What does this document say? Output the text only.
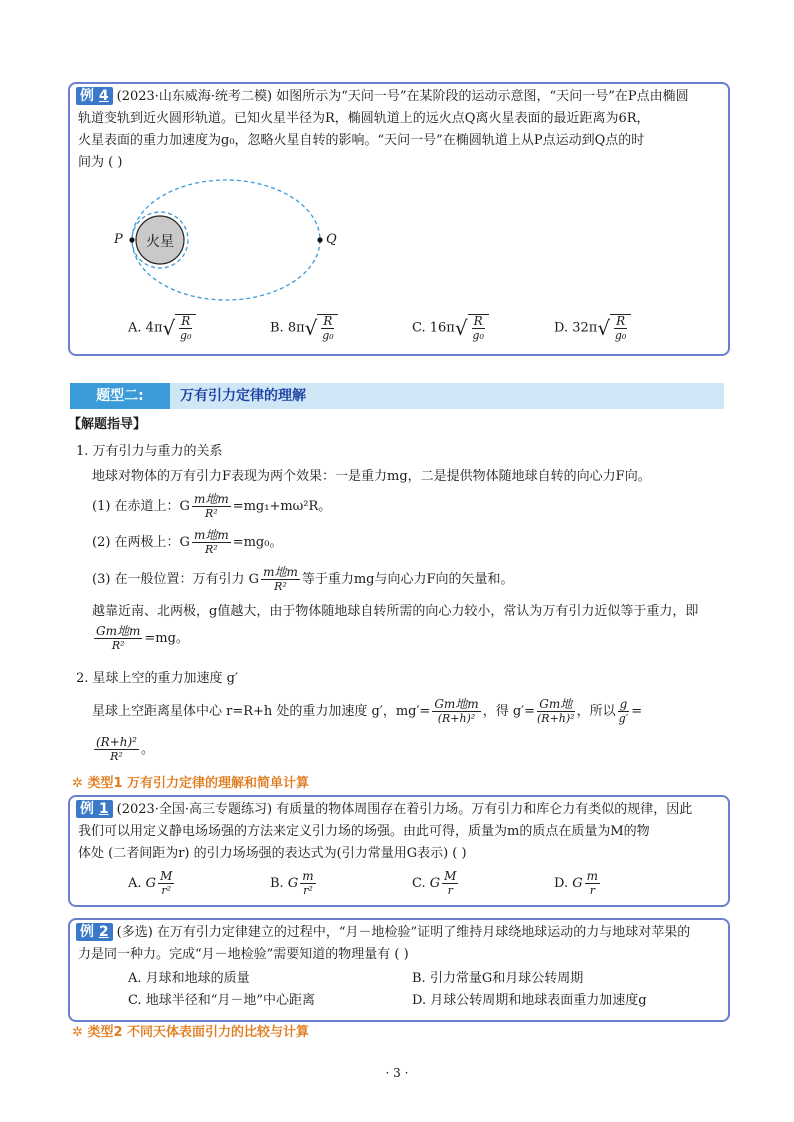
例 4 (2023·山东威海·统考二模) 如图所示为“天问一号”在某阶段的运动示意图，“天问一号”在P点由椭圆
轨道变轨到近火圆形轨道。已知火星半径为R，椭圆轨道上的远火点Q离火星表面的最近距离为6R，
火星表面的重力加速度为g₀，忽略火星自转的影响。“天问一号”在椭圆轨道上从P点运动到Q点的时
间为 ( )
火星
P	Q
A. $4\pi√ \frac{R}{\text{g₀}}$	B. $8\pi√ \frac{R}{\text{g₀}}$	C. $16\pi√ \frac{R}{\text{g₀}}$	D. $32\pi√ \frac{R}{\text{g₀}}$
题型二:	万有引力定律的理解
【解题指导】
1. 万有引力与重力的关系
地球对物体的万有引力F表现为两个效果：一是重力mg，二是提供物体随地球自转的向心力F向。
(1) 在赤道上：G $\frac{\text{m地m}}{\text{R²}} =mg_1+m\omega^2R$。
(2) 在两极上：G $\frac{\text{m地m}}{\text{R²}} =mg_0$。
(3) 在一般位置：万有引力 G $\frac{\text{m地m}}{\text{R²}}$ 等于重力mg与向心力F向的矢量和。
越靠近南、北两极，g值越大，由于物体随地球自转所需的向心力较小，常认为万有引力近似等于重力，即
$\frac{\text{Gm地m}}{\text{R²}} =mg$。
2. 星球上空的重力加速度 g′
星球上空距离星体中心 r=R+h 处的重力加速度 g′，$mg'= \frac{\text{Gm地m}}{\text{(R+h)²}}$ ，得 $g'= \frac{\text{Gm地}}{\text{(R+h)²}}$ ，所以 $\frac{g}{g'}$ =
$\frac{\text{(R+h)²}}{\text{R²}}$ 。
✲ 类型1 万有引力定律的理解和简单计算
例 1 (2023·全国·高三专题练习) 有质量的物体周围存在着引力场。万有引力和库仑力有类似的规律，因此
我们可以用定义静电场场强的方法来定义引力场的场强。由此可得，质量为m的质点在质量为M的物
体处 (二者间距为r) 的引力场场强的表达式为(引力常量用G表示) ( )
A. G $\frac{M}{\text{r²}}$	B. G $\frac{m}{\text{r²}}$	C. G $\frac{M}{r}$	D. G $\frac{m}{r}$
例 2 (多选) 在万有引力定律建立的过程中，“月－地检验”证明了维持月球绕地球运动的力与地球对苹果的
力是同一种力。完成“月－地检验”需要知道的物理量有 ( )
A. 月球和地球的质量	B. 引力常量G和月球公转周期
C. 地球半径和“月－地”中心距离	D. 月球公转周期和地球表面重力加速度g
✲ 类型2 不同天体表面引力的比较与计算
· 3 ·
